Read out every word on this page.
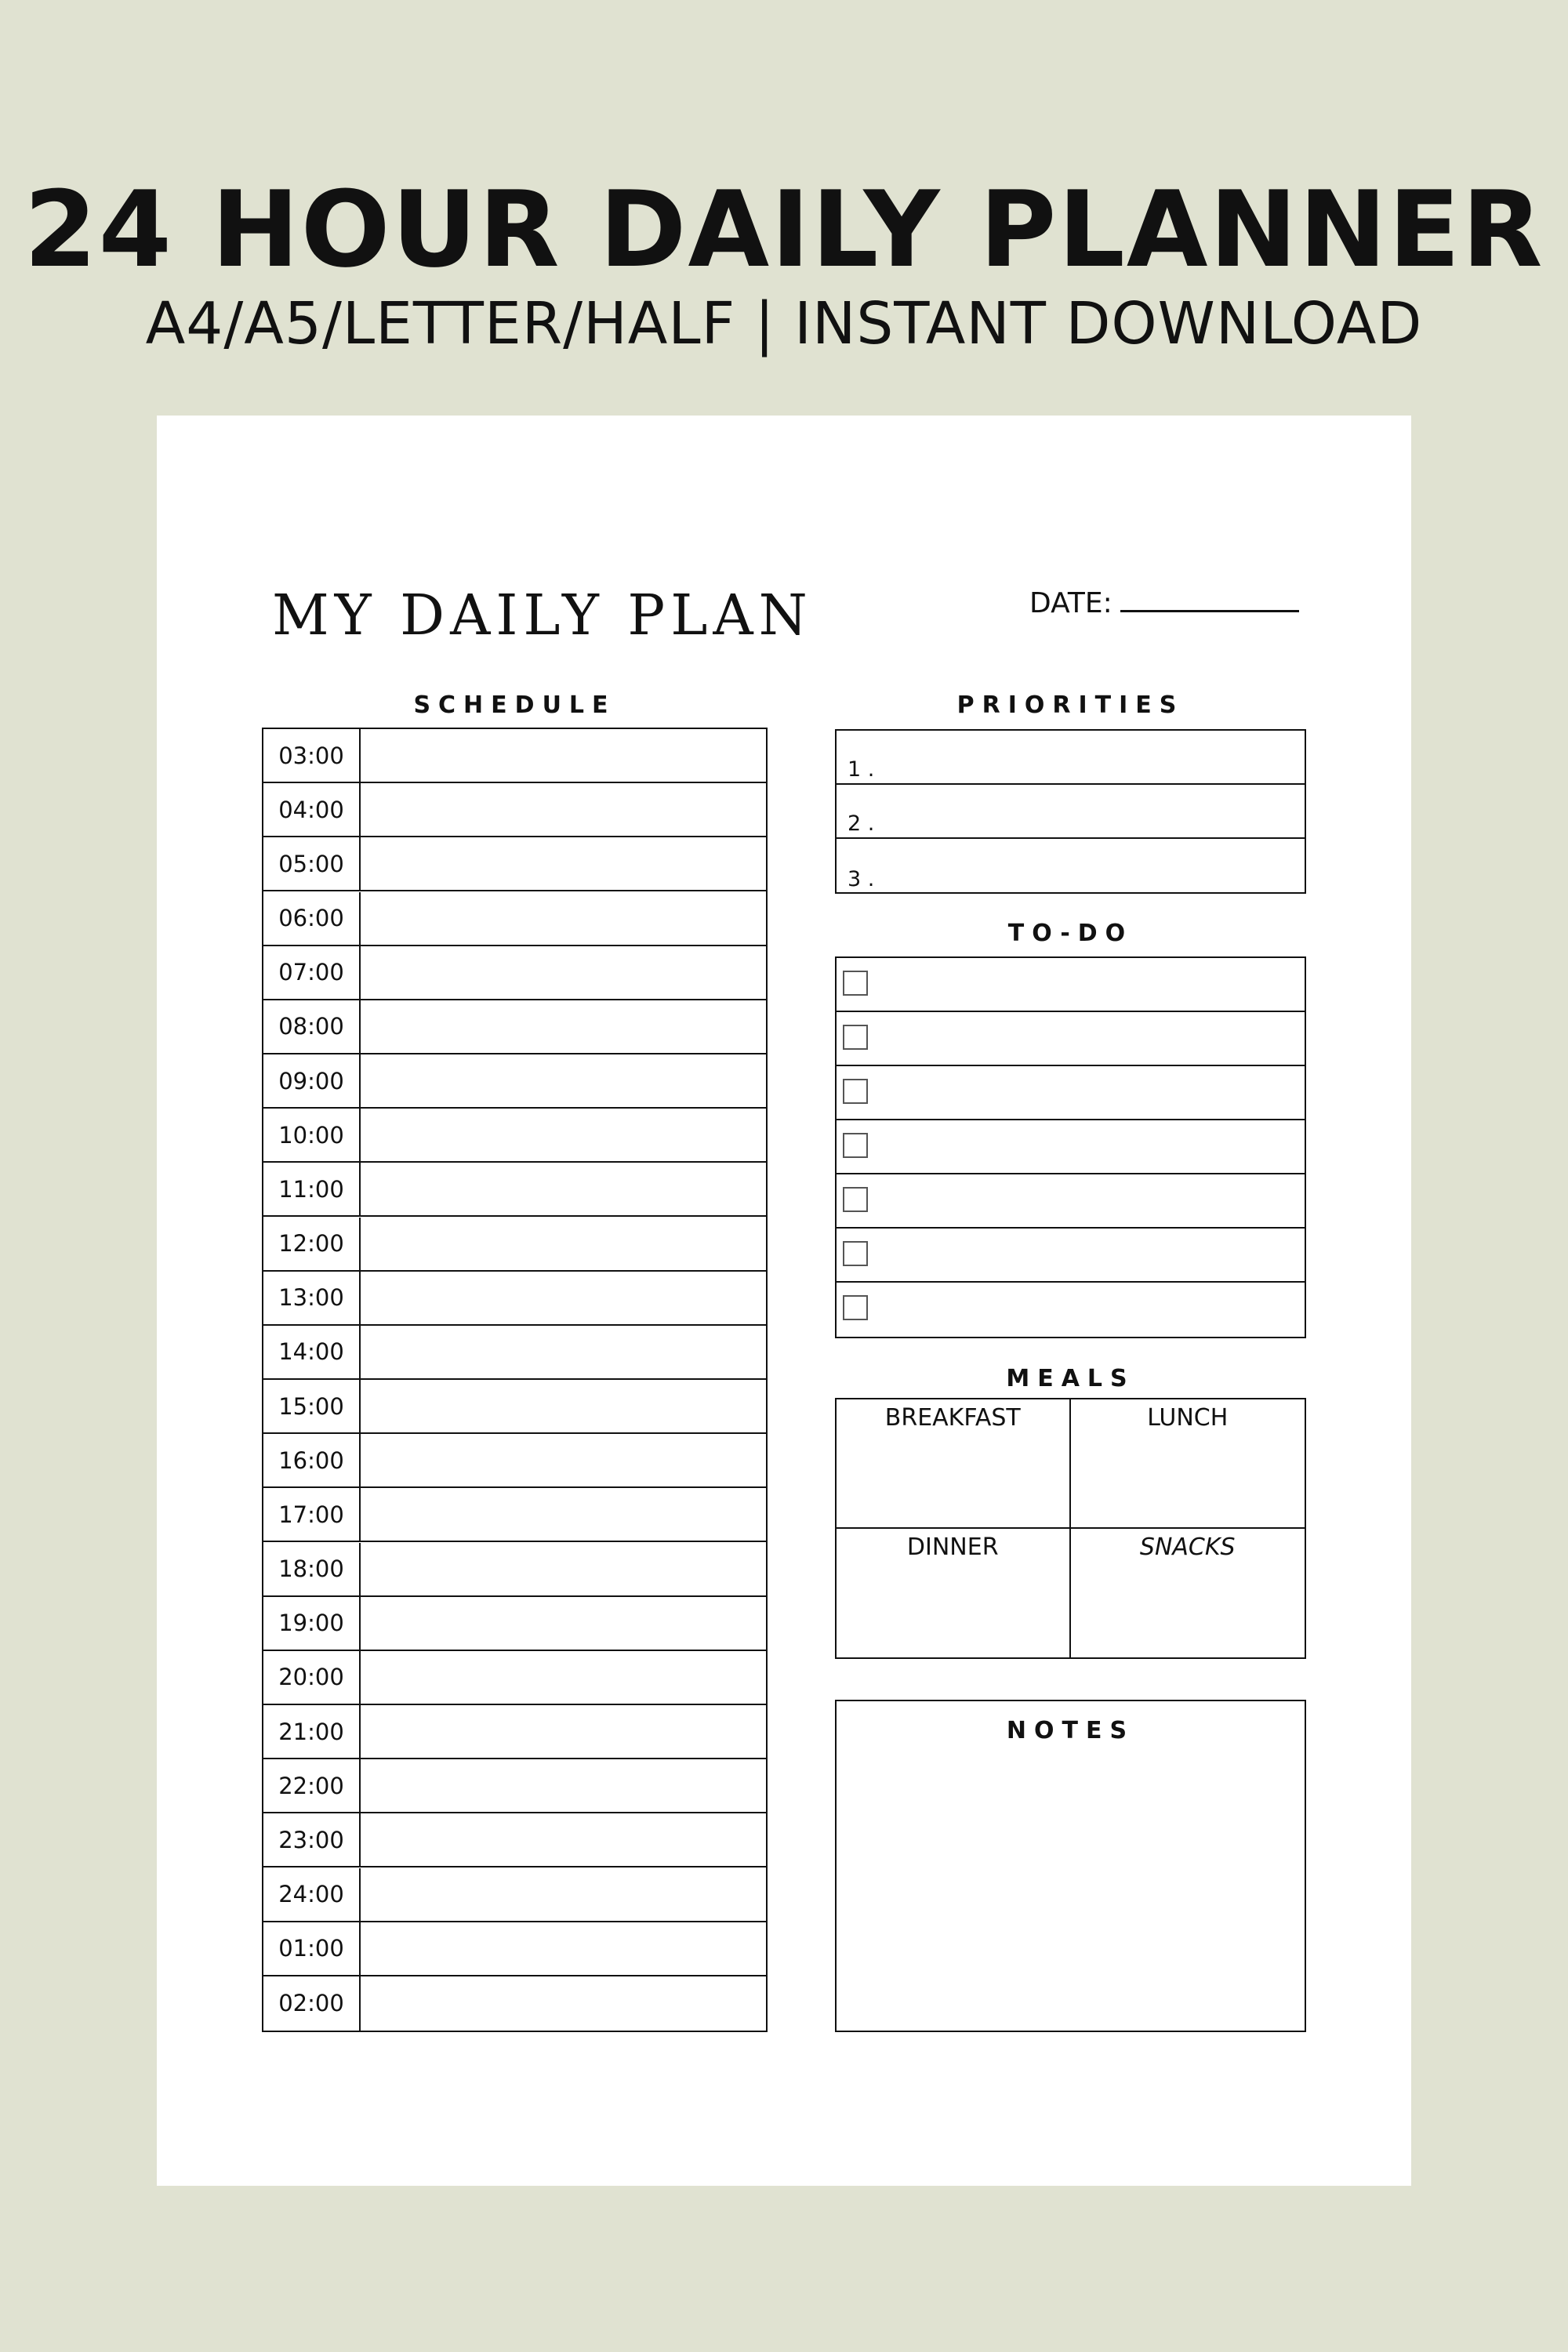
24 HOUR DAILY PLANNER
A4/A5/LETTER/HALF | INSTANT DOWNLOAD
MY DAILY PLAN	DATE:
SCHEDULE
03:00
04:00
05:00
06:00
07:00
08:00
09:00
10:00
11:00
12:00
13:00
14:00
15:00
16:00
17:00
18:00
19:00
20:00
21:00
22:00
23:00
24:00
01:00
02:00
PRIORITIES
1 .
2 .
3 .
TO-DO
MEALS
BREAKFAST	LUNCH
DINNER	SNACKS
NOTES
